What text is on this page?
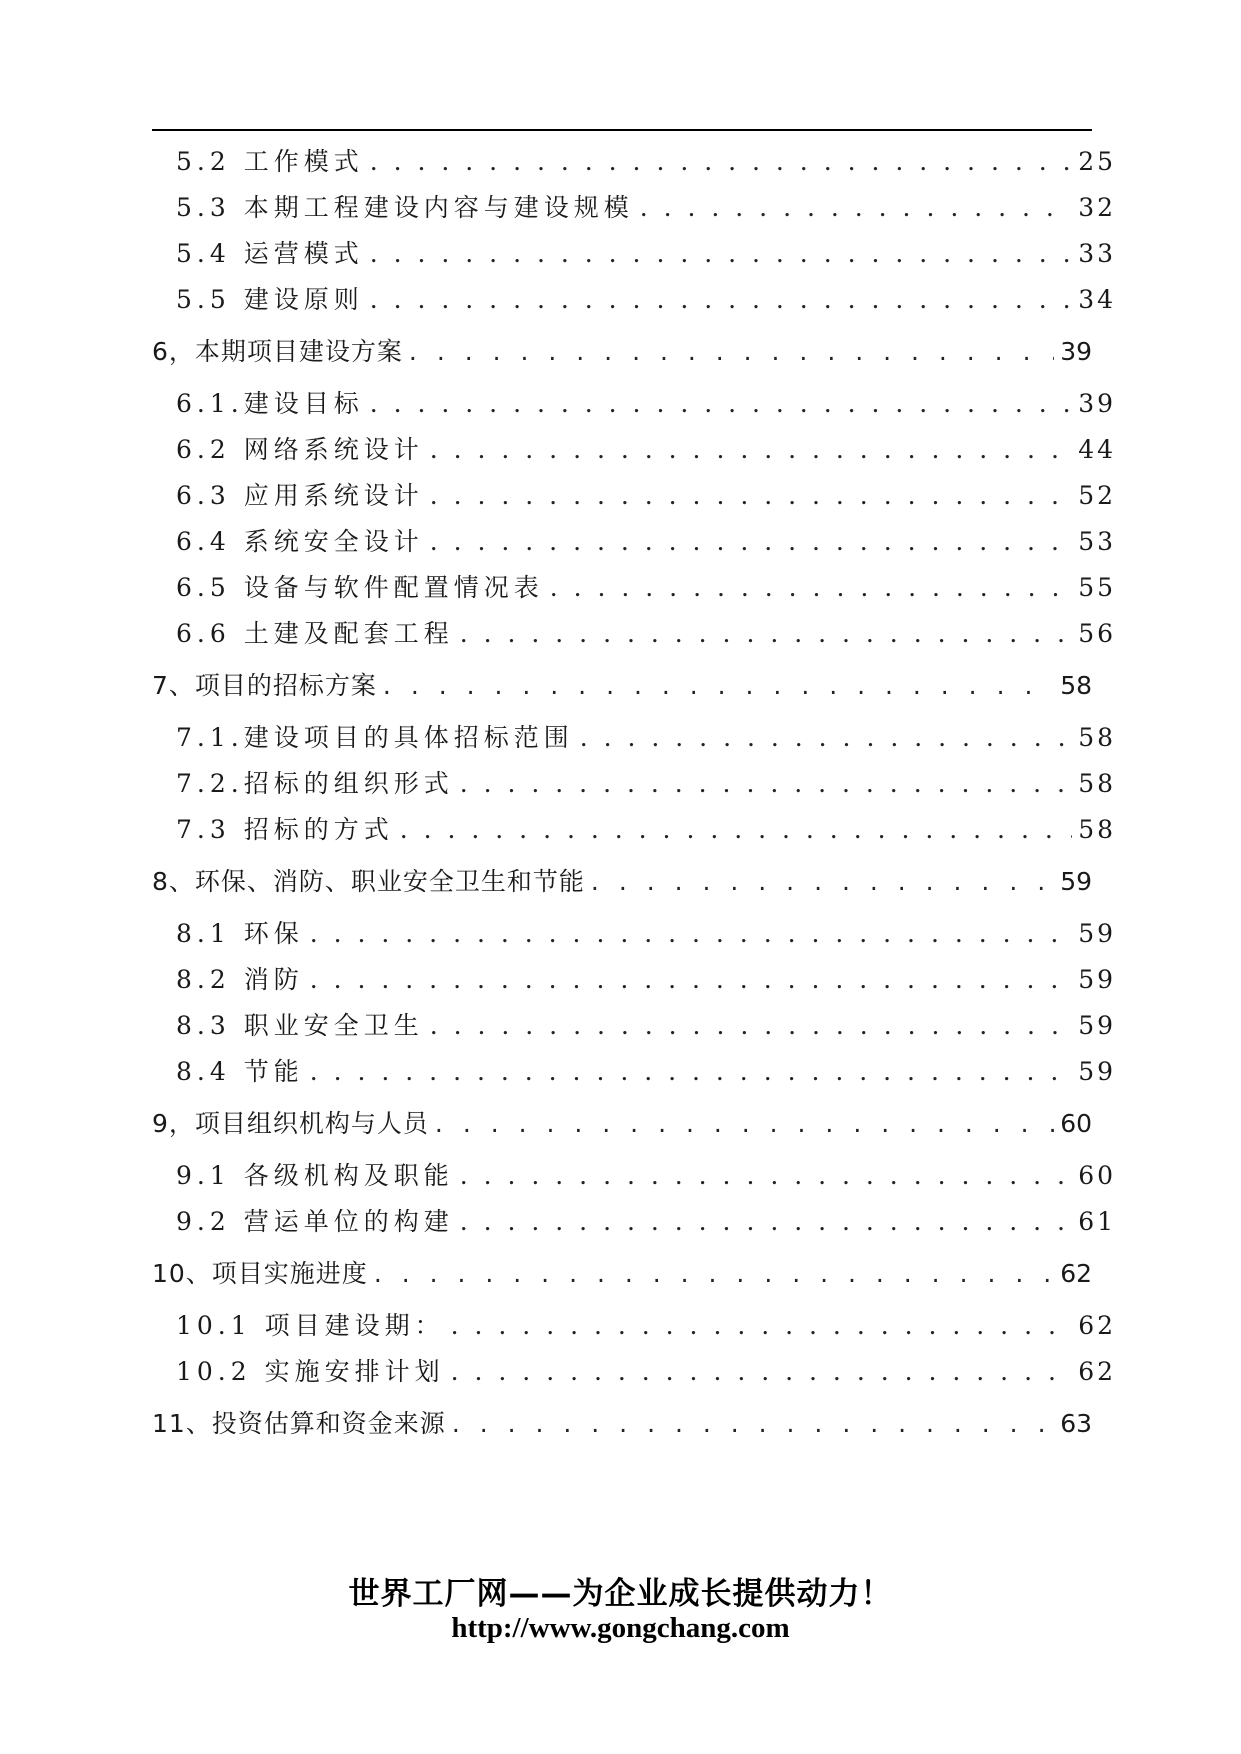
5.2 工作模式 . . .	25
5.3 本期工程建设内容与建设规模 . . .	32
5.4 运营模式 . . .	33
5.5 建设原则 . . .	34
6，本期项目建设方案 . . .	39
6.1.建设目标 . . .	39
6.2 网络系统设计 . . .	44
6.3 应用系统设计 . . .	52
6.4 系统安全设计 . . .	53
6.5 设备与软件配置情况表 . . .	55
6.6 土建及配套工程 . . .	56
7、项目的招标方案 . . .	58
7.1.建设项目的具体招标范围 . . .	58
7.2.招标的组织形式 . . .	58
7.3 招标的方式 . . .	58
8、环保、消防、职业安全卫生和节能 . . .	59
8.1 环保 . . .	59
8.2 消防 . . .	59
8.3 职业安全卫生 . . .	59
8.4 节能 . . .	59
9，项目组织机构与人员 . . .	60
9.1 各级机构及职能 . . .	60
9.2 营运单位的构建 . . .	61
10、项目实施进度 . . .	62
10.1 项目建设期： . . .	62
10.2 实施安排计划 . . .	62
11、投资估算和资金来源 . . .	63
世界工厂网——为企业成长提供动力！
http://www.gongchang.com
